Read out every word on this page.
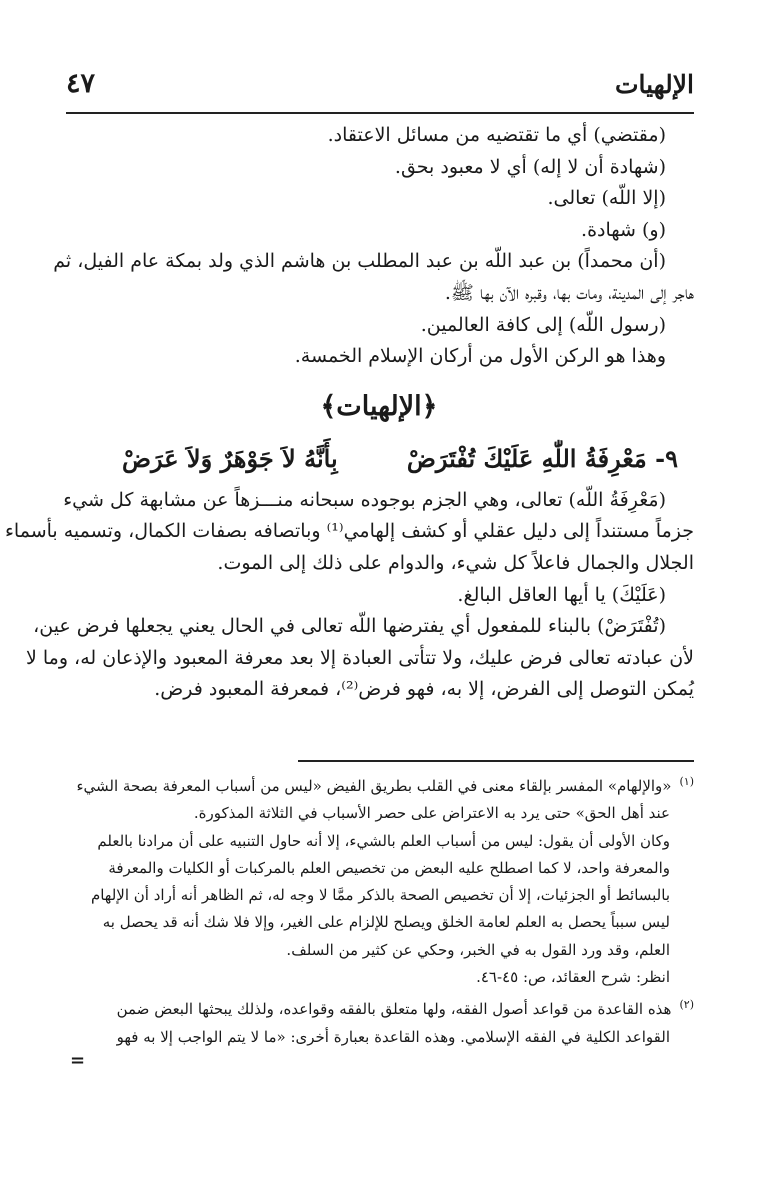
الإلهيات
٤٧
(مقتضي) أي ما تقتضيه من مسائل الاعتقاد.
(شهادة أن لا إله) أي لا معبود بحق.
(إلا اللّه) تعالى.
(و) شهادة.
(أن محمداً) بن عبد اللّه بن عبد المطلب بن هاشم الذي ولد بمكة عام الفيل، ثم
هاجر إلى المدينة، ومات بها، وقبره الآن بها ﷺ.
(رسول اللّه) إلى كافة العالمين.
وهذا هو الركن الأول من أركان الإسلام الخمسة.
﴿الإلهيات﴾
٩- مَعْرِفَةُ اللّٰهِ عَلَيْكَ تُفْتَرَضْ
بِأَنَّهُ لاَ جَوْهَرٌ وَلاَ عَرَضْ
(مَعْرِفَةُ اللّه) تعالى، وهي الجزم بوجوده سبحانه منـــزهاً عن مشابهة كل شيء
جزماً مستنداً إلى دليل عقلي أو كشف إلهامي⁽¹⁾ وباتصافه بصفات الكمال، وتسميه بأسماء
الجلال والجمال فاعلاً كل شيء، والدوام على ذلك إلى الموت.
(عَلَيْكَ) يا أيها العاقل البالغ.
(تُفْتَرَضْ) بالبناء للمفعول أي يفترضها اللّه تعالى في الحال يعني يجعلها فرض عين،
لأن عبادته تعالى فرض عليك، ولا تتأتى العبادة إلا بعد معرفة المعبود والإذعان له، وما لا
يُمكن التوصل إلى الفرض، إلا به، فهو فرض⁽²⁾، فمعرفة المعبود فرض.
$^{(١)}$«والإلهام» المفسر بإلقاء معنى في القلب بطريق الفيض «ليس من أسباب المعرفة بصحة الشيء
عند أهل الحق» حتى يرد به الاعتراض على حصر الأسباب في الثلاثة المذكورة.
وكان الأولى أن يقول: ليس من أسباب العلم بالشيء، إلا أنه حاول التنبيه على أن مرادنا بالعلم
والمعرفة واحد، لا كما اصطلح عليه البعض من تخصيص العلم بالمركبات أو الكليات والمعرفة
بالبسائط أو الجزئيات، إلا أن تخصيص الصحة بالذكر ممَّا لا وجه له، ثم الظاهر أنه أراد أن الإلهام
ليس سبباً يحصل به العلم لعامة الخلق ويصلح للإلزام على الغير، وإلا فلا شك أنه قد يحصل به
العلم، وقد ورد القول به في الخبر، وحكي عن كثير من السلف.
انظر: شرح العقائد، ص: ٤٥-٤٦.
$^{(٢)}$هذه القاعدة من قواعد أصول الفقه، ولها متعلق بالفقه وقواعده، ولذلك يبحثها البعض ضمن
القواعد الكلية في الفقه الإسلامي. وهذه القاعدة بعبارة أخرى: «ما لا يتم الواجب إلا به فهو
=
